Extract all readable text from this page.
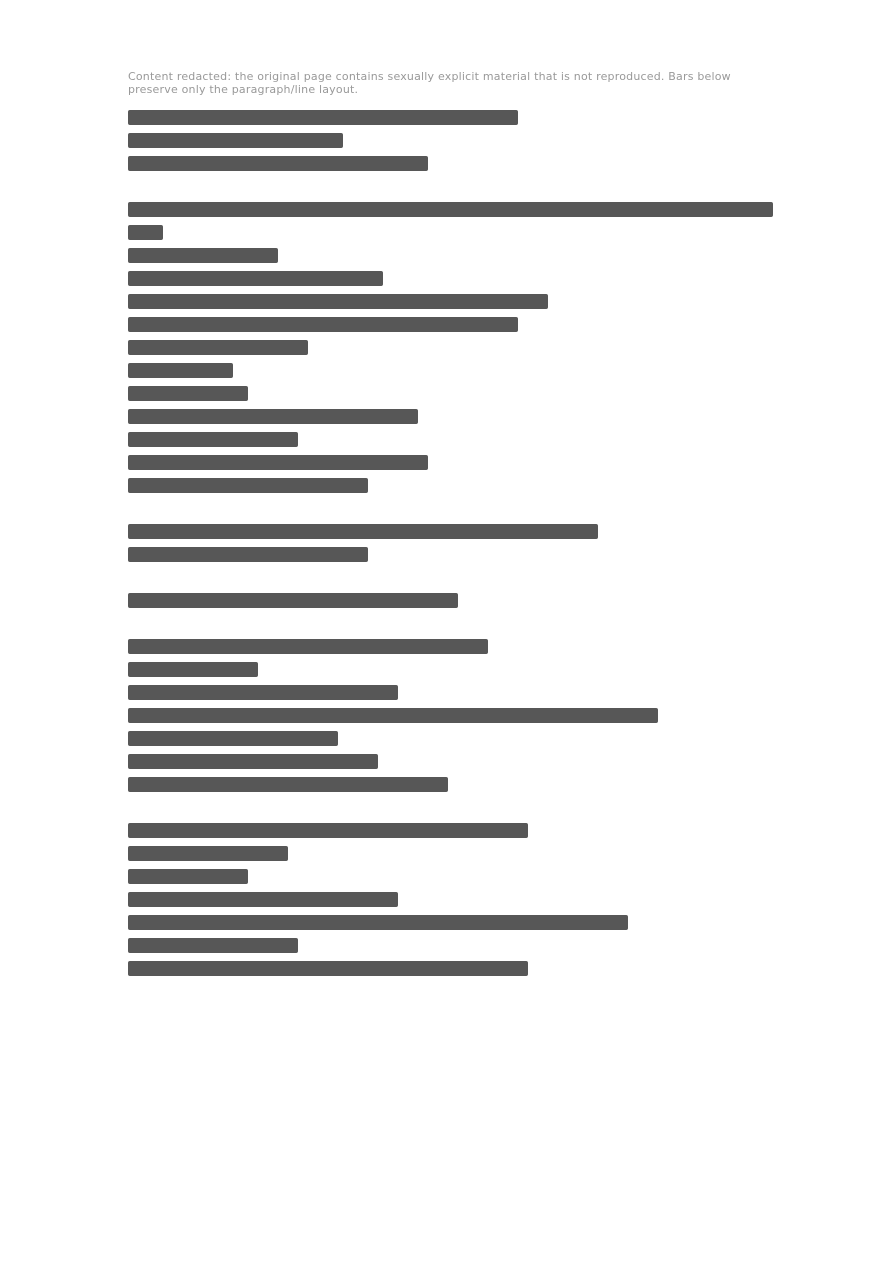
Content redacted: the original page contains sexually explicit material that is not reproduced. Bars below preserve only the paragraph/line layout.
